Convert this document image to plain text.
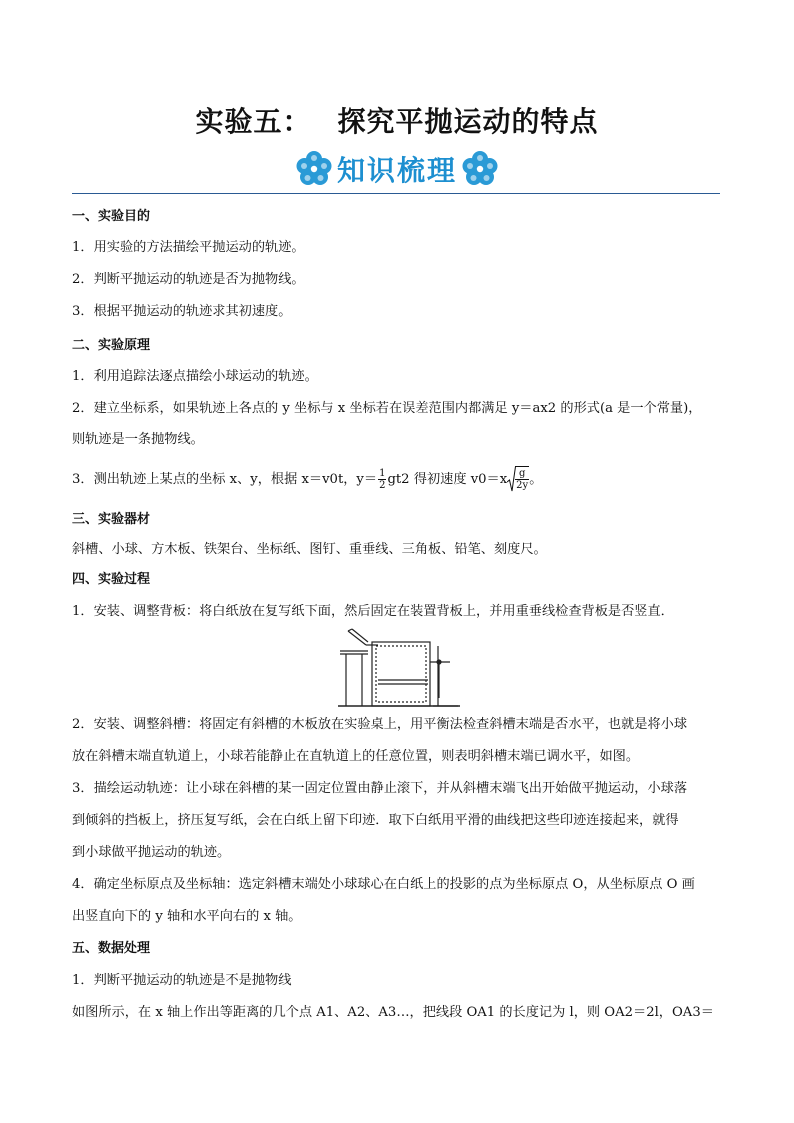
实验五： 探究平抛运动的特点
知识梳理
一、实验目的
1．用实验的方法描绘平抛运动的轨迹。
2．判断平抛运动的轨迹是否为抛物线。
3．根据平抛运动的轨迹求其初速度。
二、实验原理
1．利用追踪法逐点描绘小球运动的轨迹。
2．建立坐标系，如果轨迹上各点的 y 坐标与 x 坐标若在误差范围内都满足 y＝ax2 的形式(a 是一个常量)，
则轨迹是一条抛物线。
3．测出轨迹上某点的坐标 x、y，根据 x＝v0t，$y= \frac{1}{2} gt2$ 得初速度 $v0=x \frac{g}{2y}$ 。
三、实验器材
斜槽、小球、方木板、铁架台、坐标纸、图钉、重垂线、三角板、铅笔、刻度尺。
四、实验过程
1．安装、调整背板：将白纸放在复写纸下面，然后固定在装置背板上，并用重垂线检查背板是否竖直．
2．安装、调整斜槽：将固定有斜槽的木板放在实验桌上，用平衡法检查斜槽末端是否水平，也就是将小球
放在斜槽末端直轨道上，小球若能静止在直轨道上的任意位置，则表明斜槽末端已调水平，如图。
3．描绘运动轨迹：让小球在斜槽的某一固定位置由静止滚下，并从斜槽末端飞出开始做平抛运动，小球落
到倾斜的挡板上，挤压复写纸，会在白纸上留下印迹．取下白纸用平滑的曲线把这些印迹连接起来，就得
到小球做平抛运动的轨迹。
4．确定坐标原点及坐标轴：选定斜槽末端处小球球心在白纸上的投影的点为坐标原点 O，从坐标原点 O 画
出竖直向下的 y 轴和水平向右的 x 轴。
五、数据处理
1．判断平抛运动的轨迹是不是抛物线
如图所示，在 x 轴上作出等距离的几个点 A1、A2、A3…，把线段 OA1 的长度记为 l，则 OA2＝2l，OA3＝
